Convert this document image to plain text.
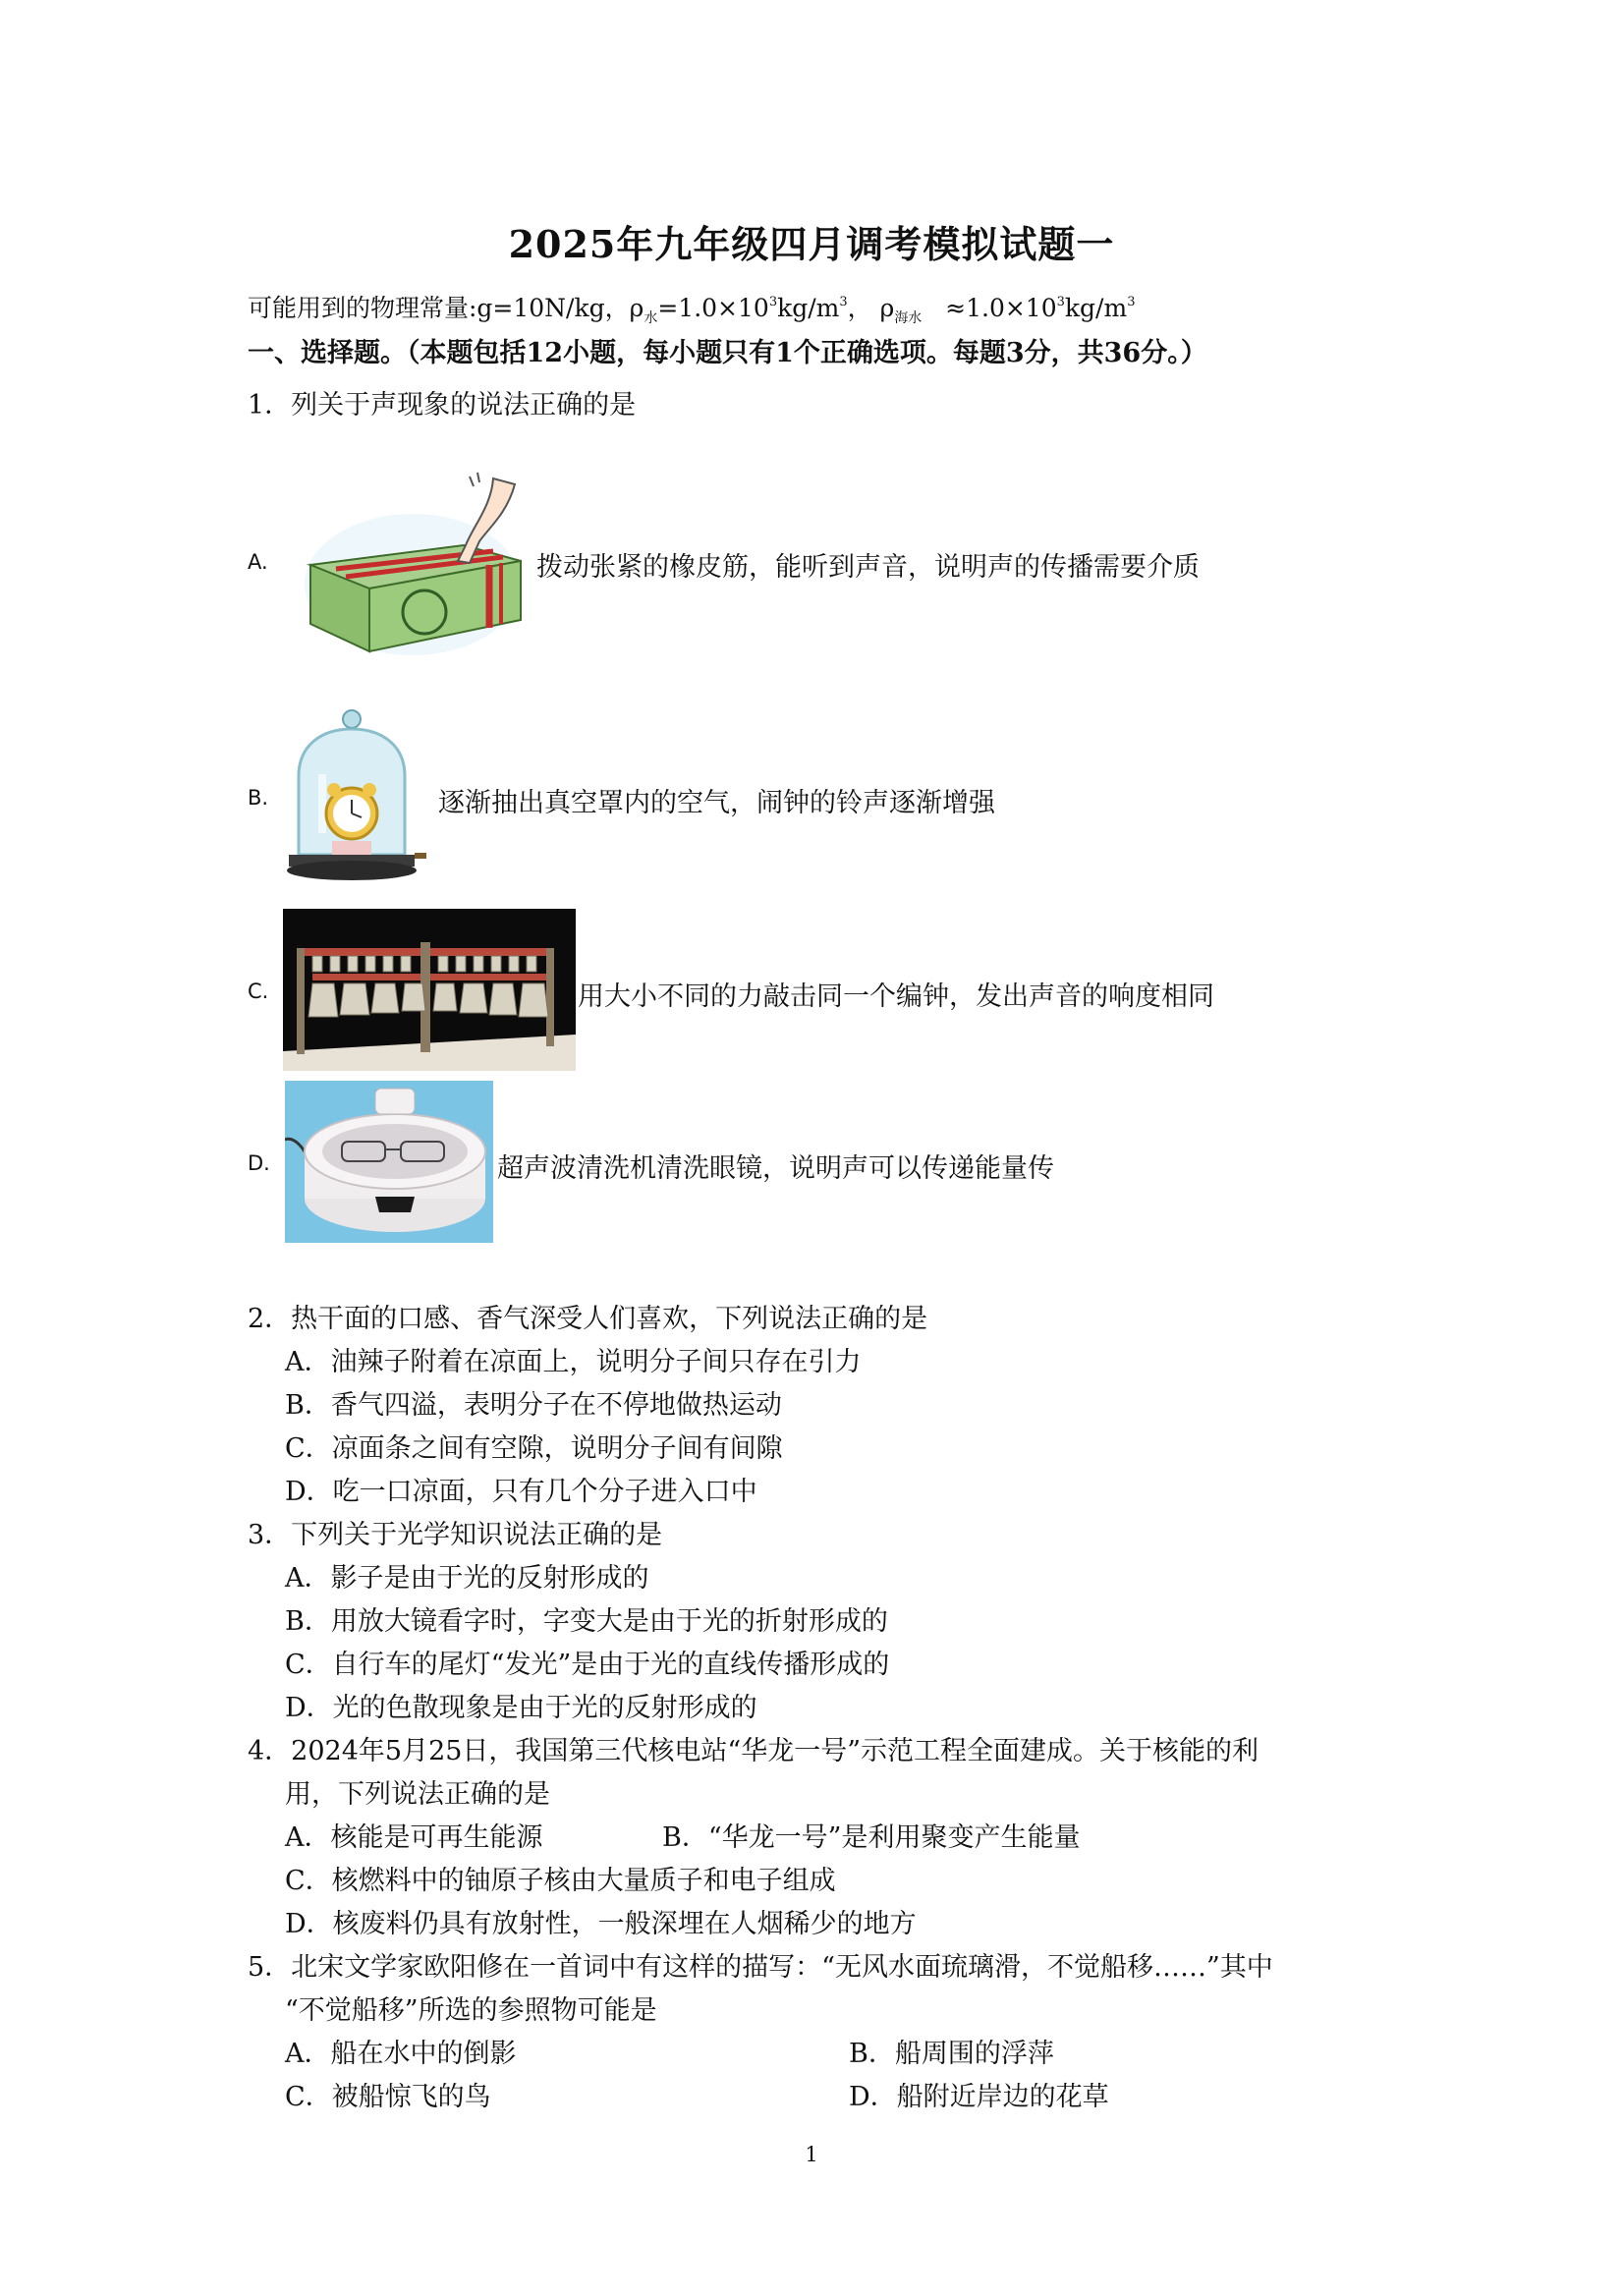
2025年九年级四月调考模拟试题一
可能用到的物理常量:g=10N/kg，$\rho_水=1.0\times 10^3kg/m^3$， $\rho_{海水} \approx 1.0\times 10^3kg/m^3$
一、选择题。（本题包括12小题，每小题只有1个正确选项。每题3分，共36分。）
1．列关于声现象的说法正确的是
A.	拨动张紧的橡皮筋，能听到声音，说明声的传播需要介质
B.	逐渐抽出真空罩内的空气，闹钟的铃声逐渐增强
C.	用大小不同的力敲击同一个编钟，发出声音的响度相同
D.	超声波清洗机清洗眼镜，说明声可以传递能量传
2．热干面的口感、香气深受人们喜欢，下列说法正确的是
A．油辣子附着在凉面上，说明分子间只存在引力
B．香气四溢，表明分子在不停地做热运动
C．凉面条之间有空隙，说明分子间有间隙
D．吃一口凉面，只有几个分子进入口中
3．下列关于光学知识说法正确的是
A．影子是由于光的反射形成的
B．用放大镜看字时，字变大是由于光的折射形成的
C．自行车的尾灯“发光”是由于光的直线传播形成的
D．光的色散现象是由于光的反射形成的
4．2024年5月25日，我国第三代核电站“华龙一号”示范工程全面建成。关于核能的利
用，下列说法正确的是
A．核能是可再生能源	B．“华龙一号”是利用聚变产生能量
C．核燃料中的铀原子核由大量质子和电子组成
D．核废料仍具有放射性，一般深埋在人烟稀少的地方
5．北宋文学家欧阳修在一首词中有这样的描写：“无风水面琉璃滑，不觉船移……”其中
“不觉船移”所选的参照物可能是
A．船在水中的倒影	B．船周围的浮萍
C．被船惊飞的鸟	D．船附近岸边的花草
1
